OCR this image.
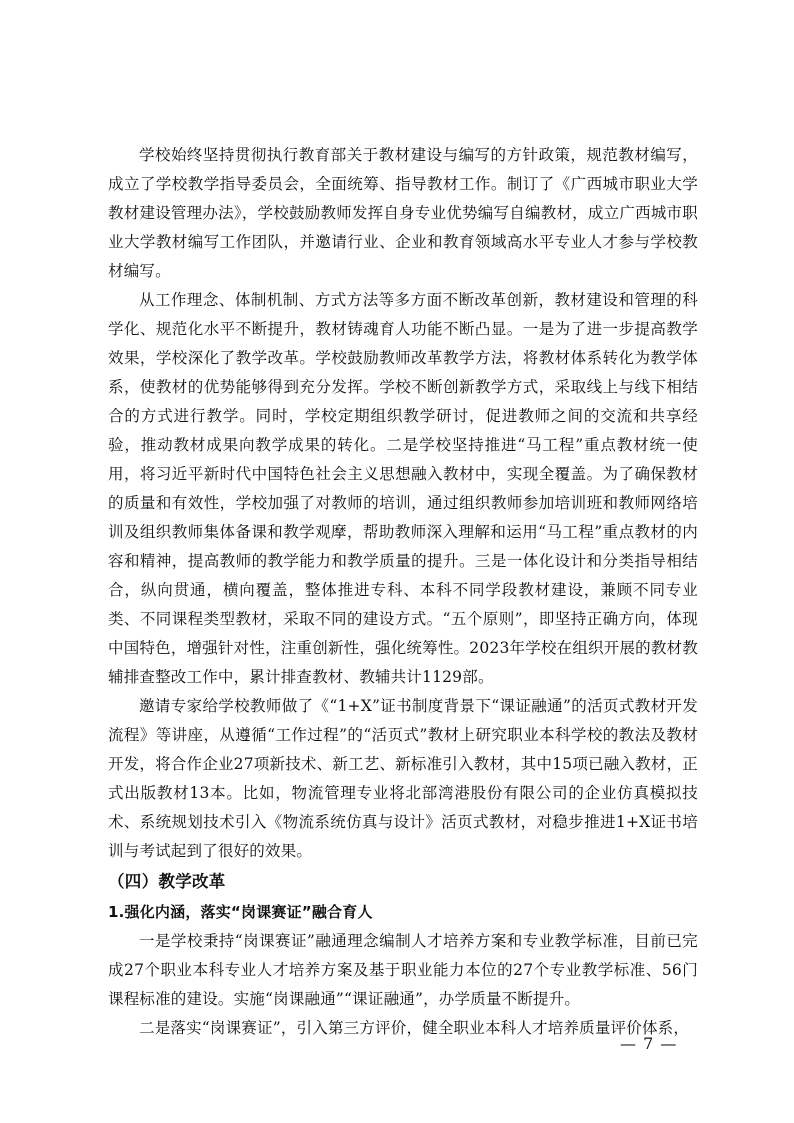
学校始终坚持贯彻执行教育部关于教材建设与编写的方针政策，规范教材编写，成立了学校教学指导委员会，全面统筹、指导教材工作。制订了《广西城市职业大学教材建设管理办法》，学校鼓励教师发挥自身专业优势编写自编教材，成立广西城市职业大学教材编写工作团队，并邀请行业、企业和教育领域高水平专业人才参与学校教材编写。

从工作理念、体制机制、方式方法等多方面不断改革创新，教材建设和管理的科学化、规范化水平不断提升，教材铸魂育人功能不断凸显。一是为了进一步提高教学效果，学校深化了教学改革。学校鼓励教师改革教学方法，将教材体系转化为教学体系，使教材的优势能够得到充分发挥。学校不断创新教学方式，采取线上与线下相结合的方式进行教学。同时，学校定期组织教学研讨，促进教师之间的交流和共享经验，推动教材成果向教学成果的转化。二是学校坚持推进“马工程”重点教材统一使用，将习近平新时代中国特色社会主义思想融入教材中，实现全覆盖。为了确保教材的质量和有效性，学校加强了对教师的培训，通过组织教师参加培训班和教师网络培训及组织教师集体备课和教学观摩，帮助教师深入理解和运用“马工程”重点教材的内容和精神，提高教师的教学能力和教学质量的提升。三是一体化设计和分类指导相结合，纵向贯通，横向覆盖，整体推进专科、本科不同学段教材建设，兼顾不同专业类、不同课程类型教材，采取不同的建设方式。“五个原则”，即坚持正确方向，体现中国特色，增强针对性，注重创新性，强化统筹性。2023年学校在组织开展的教材教辅排查整改工作中，累计排查教材、教辅共计1129部。

邀请专家给学校教师做了《“1+X”证书制度背景下“课证融通”的活页式教材开发流程》等讲座，从遵循“工作过程”的“活页式”教材上研究职业本科学校的教法及教材开发，将合作企业27项新技术、新工艺、新标准引入教材，其中15项已融入教材，正式出版教材13本。比如，物流管理专业将北部湾港股份有限公司的企业仿真模拟技术、系统规划技术引入《物流系统仿真与设计》活页式教材，对稳步推进1+X证书培训与考试起到了很好的效果。

（四）教学改革
1.强化内涵，落实“岗课赛证”融合育人

一是学校秉持“岗课赛证”融通理念编制人才培养方案和专业教学标准，目前已完成27个职业本科专业人才培养方案及基于职业能力本位的27个专业教学标准、56门课程标准的建设。实施“岗课融通”“课证融通”，办学质量不断提升。

二是落实“岗课赛证”，引入第三方评价，健全职业本科人才培养质量评价体系，

— 7 —
